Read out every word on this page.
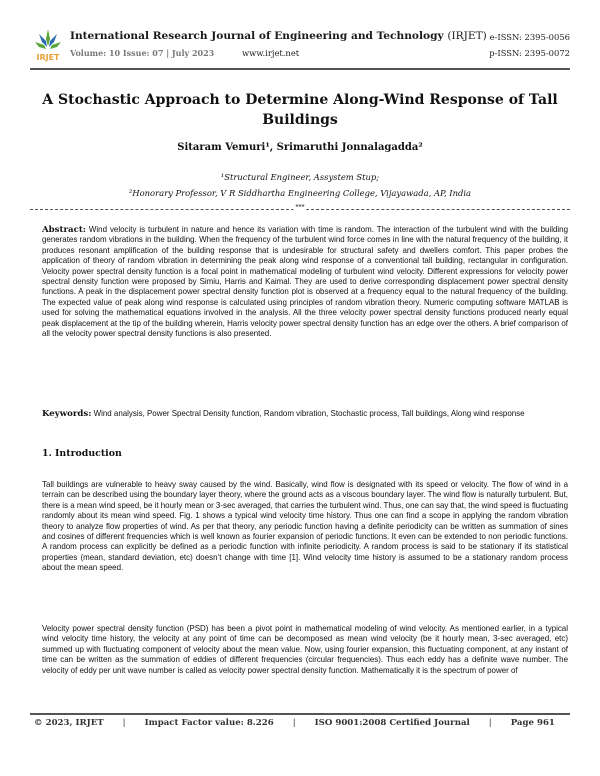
IRJET
International Research Journal of Engineering and Technology (IRJET)
Volume: 10 Issue: 07 | July 2023	www.irjet.net
e-ISSN: 2395-0056
p-ISSN: 2395-0072
A Stochastic Approach to Determine Along-Wind Response of Tall Buildings
Sitaram Vemuri¹, Srimaruthi Jonnalagadda²
¹Structural Engineer, Assystem Stup;
²Honorary Professor, V R Siddhartha Engineering College, Vijayawada, AP, India
***

Abstract: Wind velocity is turbulent in nature and hence its variation with time is random. The interaction of the turbulent wind with the building generates random vibrations in the building. When the frequency of the turbulent wind force comes in line with the natural frequency of the building, it produces resonant amplification of the building response that is undesirable for structural safety and dwellers comfort. This paper probes the application of theory of random vibration in determining the peak along wind response of a conventional tall building, rectangular in configuration. Velocity power spectral density function is a focal point in mathematical modeling of turbulent wind velocity. Different expressions for velocity power spectral density function were proposed by Simiu, Harris and Kaimal. They are used to derive corresponding displacement power spectral density functions. A peak in the displacement power spectral density function plot is observed at a frequency equal to the natural frequency of the building. The expected value of peak along wind response is calculated using principles of random vibration theory. Numeric computing software MATLAB is used for solving the mathematical equations involved in the analysis. All the three velocity power spectral density functions produced nearly equal peak displacement at the tip of the building wherein, Harris velocity power spectral density function has an edge over the others. A brief comparison of all the velocity power spectral density functions is also presented.

Keywords: Wind analysis, Power Spectral Density function, Random vibration, Stochastic process, Tall buildings, Along wind response

1. Introduction

Tall buildings are vulnerable to heavy sway caused by the wind. Basically, wind flow is designated with its speed or velocity. The flow of wind in a terrain can be described using the boundary layer theory, where the ground acts as a viscous boundary layer. The wind flow is naturally turbulent. But, there is a mean wind speed, be it hourly mean or 3-sec averaged, that carries the turbulent wind. Thus, one can say that, the wind speed is fluctuating randomly about its mean wind speed. Fig. 1 shows a typical wind velocity time history. Thus one can find a scope in applying the random vibration theory to analyze flow properties of wind. As per that theory, any periodic function having a definite periodicity can be written as summation of sines and cosines of different frequencies which is well known as fourier expansion of periodic functions. It even can be extended to non periodic functions. A random process can explicitly be defined as a periodic function with infinite periodicity. A random process is said to be stationary if its statistical properties (mean, standard deviation, etc) doesn’t change with time [1]. Wind velocity time history is assumed to be a stationary random process about the mean speed.

Velocity power spectral density function (PSD) has been a pivot point in mathematical modeling of wind velocity. As mentioned earlier, in a typical wind velocity time history, the velocity at any point of time can be decomposed as mean wind velocity (be it hourly mean, 3-sec averaged, etc) summed up with fluctuating component of velocity about the mean value. Now, using fourier expansion, this fluctuating component, at any instant of time can be written as the summation of eddies of different frequencies (circular frequencies). Thus each eddy has a definite wave number. The velocity of eddy per unit wave number is called as velocity power spectral density function. Mathematically it is the spectrum of power of

© 2023, IRJET | Impact Factor value: 8.226 | ISO 9001:2008 Certified Journal | Page 961
